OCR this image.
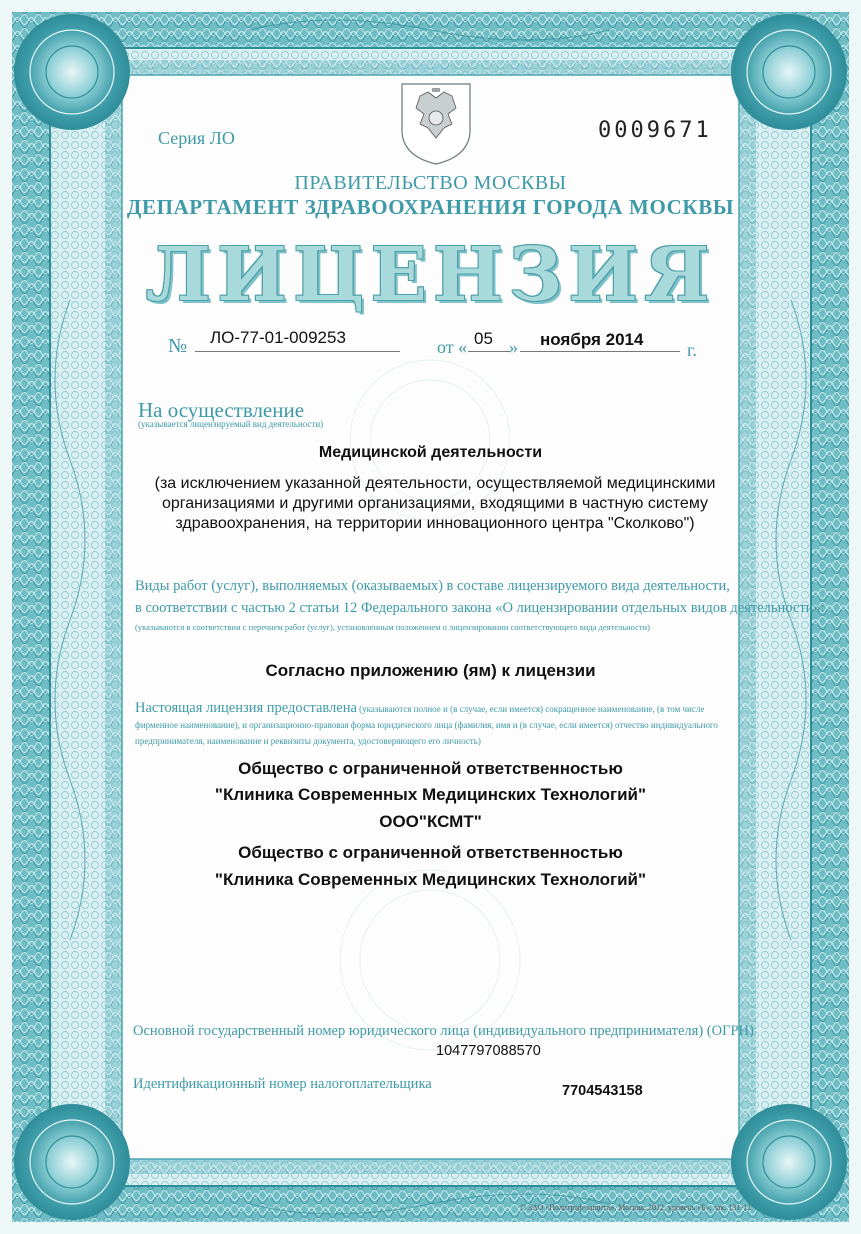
Серия ЛО	0009671
ПРАВИТЕЛЬСТВО МОСКВЫ
ДЕПАРТАМЕНТ ЗДРАВООХРАНЕНИЯ ГОРОДА МОСКВЫ
ЛИЦЕНЗИЯ
№ ЛО-77-01-009253	от « 05 » ноября 2014
г.
На осуществление
(указывается лицензируемый вид деятельности)
Медицинской деятельности
(за исключением указанной деятельности, осуществляемой медицинскими организациями и другими организациями, входящими в частную систему здравоохранения, на территории инновационного центра "Сколково")
Виды работ (услуг), выполняемых (оказываемых) в составе лицензируемого вида деятельности,
в соответствии с частью 2 статьи 12 Федерального закона «О лицензировании отдельных видов деятельности»:
(указываются в соответствии с перечнем работ (услуг), установленным положением о лицензировании соответствующего вида деятельности)
Согласно приложению (ям) к лицензии
Настоящая лицензия предоставлена (указываются полное и (в случае, если имеется) сокращенное наименование, (в том числе фирменное наименование), и организационно-правовая форма юридического лица (фамилия, имя и (в случае, если имеется) отчество индивидуального предпринимателя, наименование и реквизиты документа, удостоверяющего его личность)
Общество с ограниченной ответственностью
"Клиника Современных Медицинских Технологий"
ООО"КСМТ"
Общество с ограниченной ответственностью
"Клиника Современных Медицинских Технологий"
Основной государственный номер юридического лица (индивидуального предпринимателя) (ОГРН)
1047797088570
Идентификационный номер налогоплательщика	7704543158
© ЗАО «Полиграф-защита», Москва, 2012, уровень «Б», зак. 131-12
